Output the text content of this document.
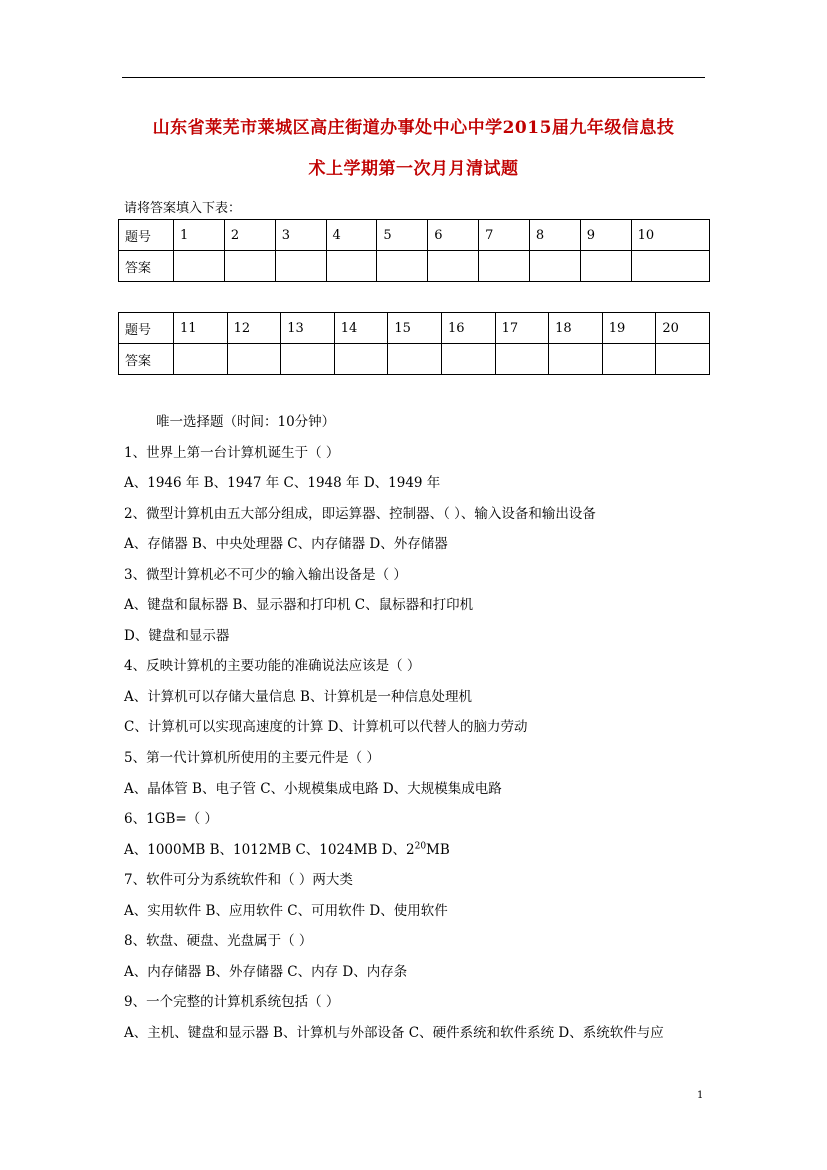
山东省莱芜市莱城区高庄街道办事处中心中学2015届九年级信息技
术上学期第一次月月清试题
请将答案填入下表：
题号	1	2	3	4	5	6	7	8	9	10
答案										
题号	11	12	13	14	15	16	17	18	19	20
答案										
唯一选择题（时间：10分钟）
1、世界上第一台计算机诞生于（ ）
A、1946 年 B、1947 年 C、1948 年 D、1949 年
2、微型计算机由五大部分组成，即运算器、控制器、（ ）、输入设备和输出设备
A、存储器 B、中央处理器 C、内存储器 D、外存储器
3、微型计算机必不可少的输入输出设备是（ ）
A、键盘和鼠标器 B、显示器和打印机 C、鼠标器和打印机
D、键盘和显示器
4、反映计算机的主要功能的准确说法应该是（ ）
A、计算机可以存储大量信息 B、计算机是一种信息处理机
C、计算机可以实现高速度的计算 D、计算机可以代替人的脑力劳动
5、第一代计算机所使用的主要元件是（ ）
A、晶体管 B、电子管 C、小规模集成电路 D、大规模集成电路
6、1GB=（ ）
A、1000MB B、1012MB C、1024MB D、$2^{20}MB$
7、软件可分为系统软件和（ ）两大类
A、实用软件 B、应用软件 C、可用软件 D、使用软件
8、软盘、硬盘、光盘属于（ ）
A、内存储器 B、外存储器 C、内存 D、内存条
9、一个完整的计算机系统包括（ ）
A、主机、键盘和显示器 B、计算机与外部设备 C、硬件系统和软件系统 D、系统软件与应
1
